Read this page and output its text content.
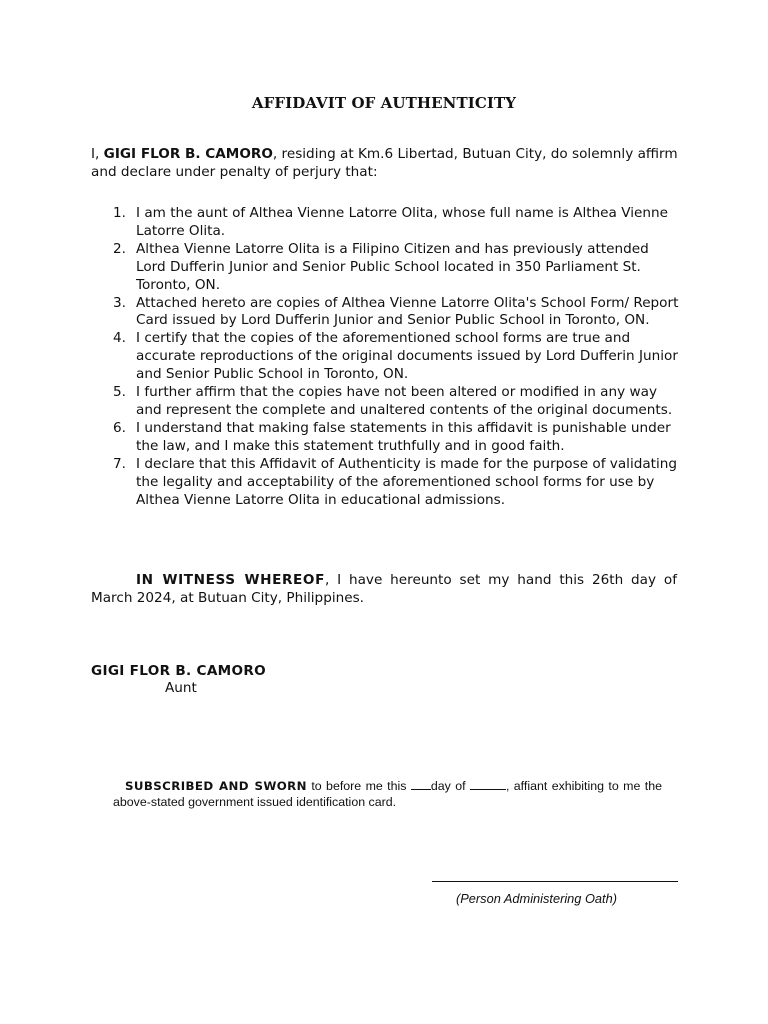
AFFIDAVIT OF AUTHENTICITY
I, GIGI FLOR B. CAMORO, residing at Km.6 Libertad, Butuan City, do solemnly affirm and declare under penalty of perjury that:
1. I am the aunt of Althea Vienne Latorre Olita, whose full name is Althea Vienne Latorre Olita.
2. Althea Vienne Latorre Olita is a Filipino Citizen and has previously attended Lord Dufferin Junior and Senior Public School located in 350 Parliament St. Toronto, ON.
3. Attached hereto are copies of Althea Vienne Latorre Olita's School Form/ Report Card issued by Lord Dufferin Junior and Senior Public School in Toronto, ON.
4. I certify that the copies of the aforementioned school forms are true and accurate reproductions of the original documents issued by Lord Dufferin Junior and Senior Public School in Toronto, ON.
5. I further affirm that the copies have not been altered or modified in any way and represent the complete and unaltered contents of the original documents.
6. I understand that making false statements in this affidavit is punishable under the law, and I make this statement truthfully and in good faith.
7. I declare that this Affidavit of Authenticity is made for the purpose of validating the legality and acceptability of the aforementioned school forms for use by Althea Vienne Latorre Olita in educational admissions.
IN WITNESS WHEREOF, I have hereunto set my hand this 26th day of March 2024, at Butuan City, Philippines.
GIGI FLOR B. CAMORO
Aunt
SUBSCRIBED AND SWORN to before me this day of	, affiant exhibiting to me the above-stated government issued identification card.
(Person Administering Oath)
